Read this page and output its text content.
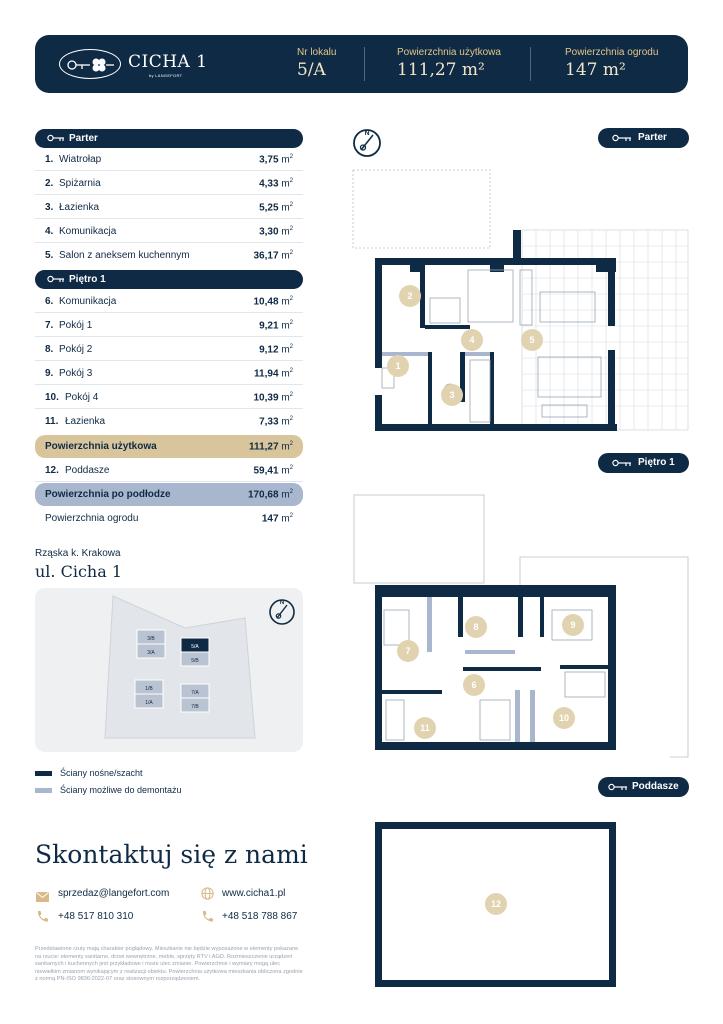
CICHA 1
by LANGEFORT
Nr lokalu
5/A
Powierzchnia użytkowa
111,27 m²
Powierzchnia ogrodu
147 m²
Parter
1. Wiatrołap	3,75 $m^2$
2. Spiżarnia	4,33 $m^2$
3. Łazienka	5,25 $m^2$
4. Komunikacja	3,30 $m^2$
5. Salon z aneksem kuchennym	36,17 $m^2$
Piętro 1
6. Komunikacja	10,48 $m^2$
7. Pokój 1	9,21 $m^2$
8. Pokój 2	9,12 $m^2$
9. Pokój 3	11,94 $m^2$
10. Pokój 4	10,39 $m^2$
11. Łazienka	7,33 $m^2$
Powierzchnia użytkowa	111,27 $m^2$
12. Poddasze	59,41 $m^2$
Powierzchnia po podłodze	170,68 $m^2$
Powierzchnia ogrodu	147 $m^2$
Rząska k. Krakowa
ul. Cicha 1
3/B
3/A
5/A
5/B
1/B
1/A
7/A
7/B
N
Ściany nośne/szacht
Ściany możliwe do demontażu
Skontaktuj się z nami
sprzedaz@langefort.com	www.cicha1.pl
+48 517 810 310	+48 518 788 867
Przedstawione rzuty mają charakter poglądowy. Mieszkanie nie będzie wyposażone w elementy pokazane na rzucie: elementy sanitarne, drzwi wewnętrzne, meble, sprzęty RTV i AGD. Rozmieszczenie urządzeń sanitarnych i kuchennych jest przykładowe i może ulec zmianie. Powierzchnie i wymiary mogą ulec niewielkim zmianom wynikającym z realizacji obiektu. Powierzchnia użytkowa mieszkania obliczona zgodnie z normą PN-ISO 9836:2022-07 oraz stosownym rozporządzeniem.
Parter
Piętro 1
Poddasze
N
2
1
3
4	5
8	9
7
6
10
11
12
